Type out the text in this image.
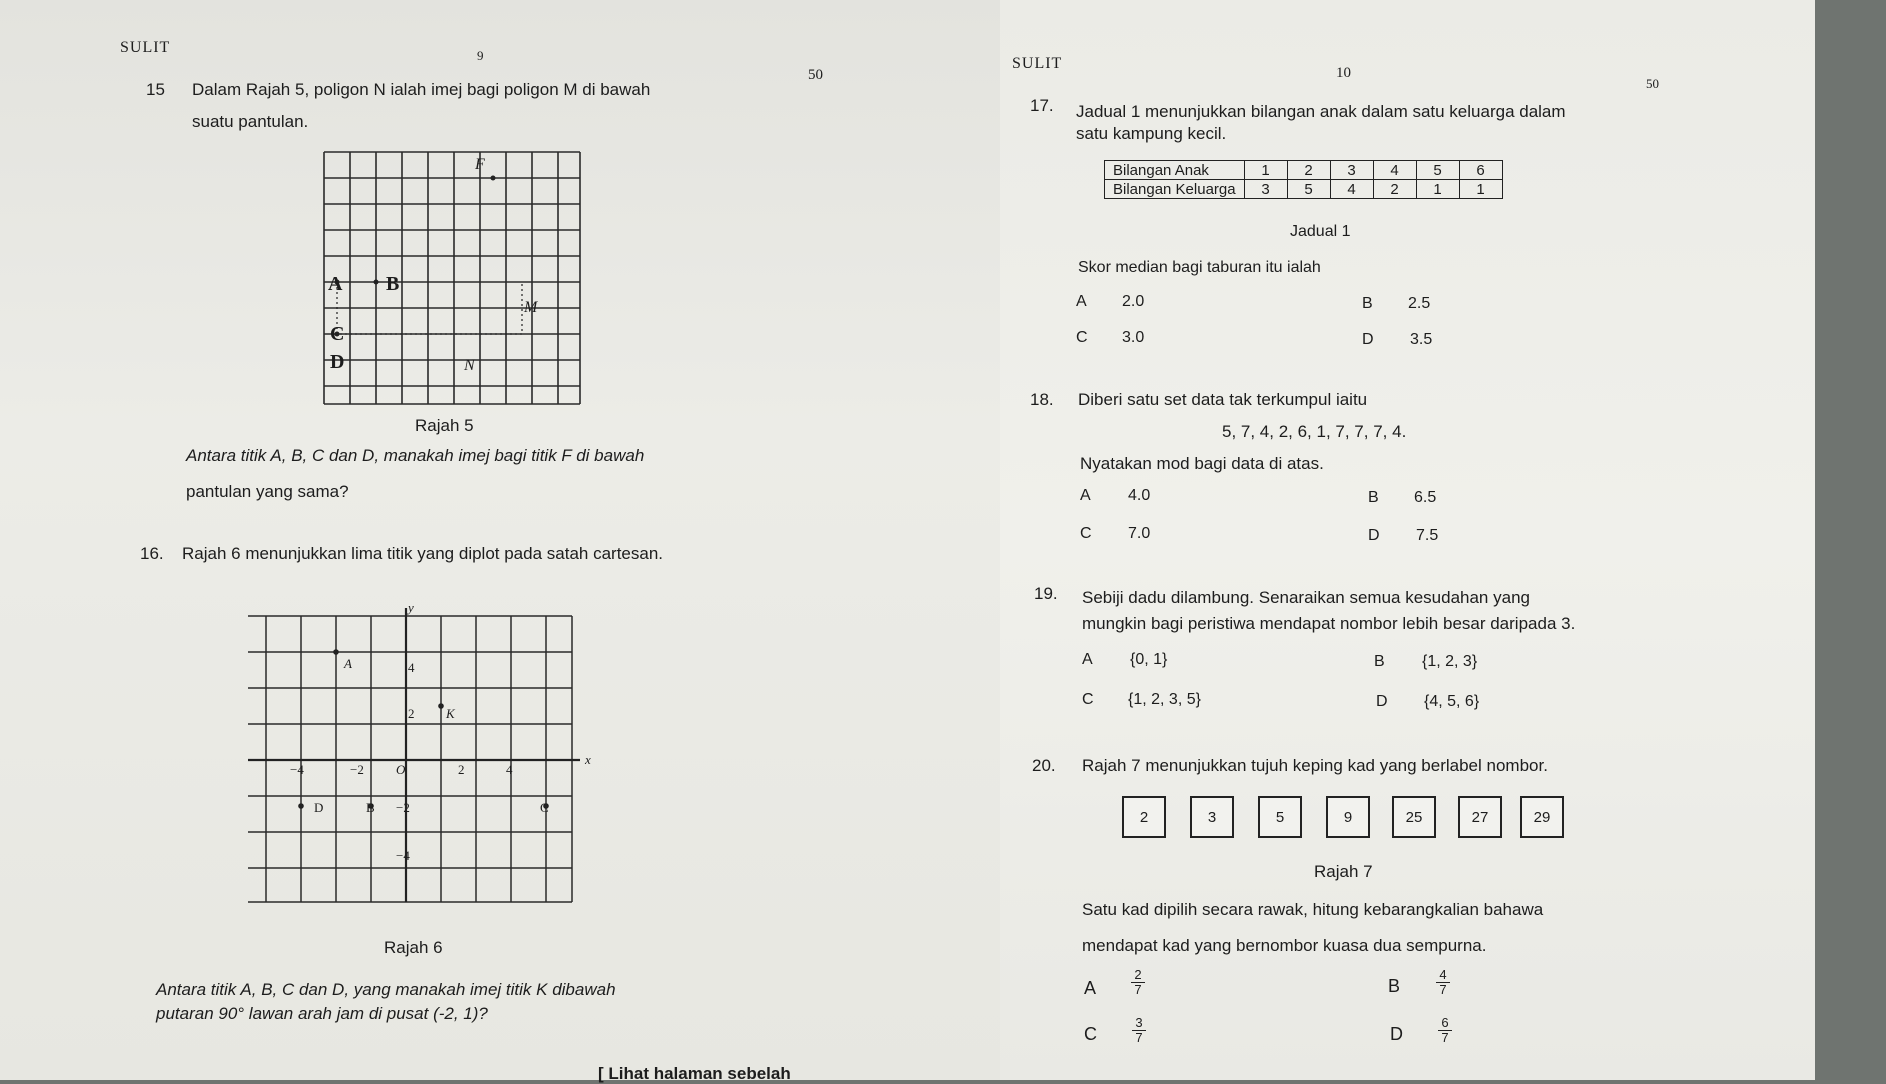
SULIT	9
50
15 Dalam Rajah 5, poligon N ialah imej bagi poligon M di bawah
suatu pantulan.
F
A B
M
C
D	N
Rajah 5
Antara titik A, B, C dan D, manakah imej bagi titik F di bawah
pantulan yang sama?
16. Rajah 6 menunjukkan lima titik yang diplot pada satah cartesan.
x
y
−4	−2 O	2	4
4
2
−2
−4
A
K
D	B	C
Rajah 6
Antara titik A, B, C dan D, yang manakah imej titik K dibawah
putaran 90° lawan arah jam di pusat (-2, 1)?
SULIT
10
50
17. Jadual 1 menunjukkan bilangan anak dalam satu keluarga dalam
satu kampung kecil.
Bilangan Anak	1	2	3	4	5	6
Bilangan Keluarga	3	5	4	2	1	1
Jadual 1
Skor median bagi taburan itu ialah
A 2.0	B 2.5
C 3.0	D 3.5
18. Diberi satu set data tak terkumpul iaitu
5, 7, 4, 2, 6, 1, 7, 7, 7, 4.
Nyatakan mod bagi data di atas.
A 4.0	B 6.5
C 7.0	D 7.5
19. Sebiji dadu dilambung. Senaraikan semua kesudahan yang
mungkin bagi peristiwa mendapat nombor lebih besar daripada 3.
A {0, 1}	B {1, 2, 3}
C {1, 2, 3, 5}	D {4, 5, 6}
20. Rajah 7 menunjukkan tujuh keping kad yang berlabel nombor.
2	3	5	9	25	27	29
Rajah 7
Satu kad dipilih secara rawak, hitung kebarangkalian bahawa
mendapat kad yang bernombor kuasa dua sempurna.
A	$\frac{2}{7}$	B	$\frac{4}{7}$
C	$\frac{3}{7}$	D	$\frac{6}{7}$
[ Lihat halaman sebelah
